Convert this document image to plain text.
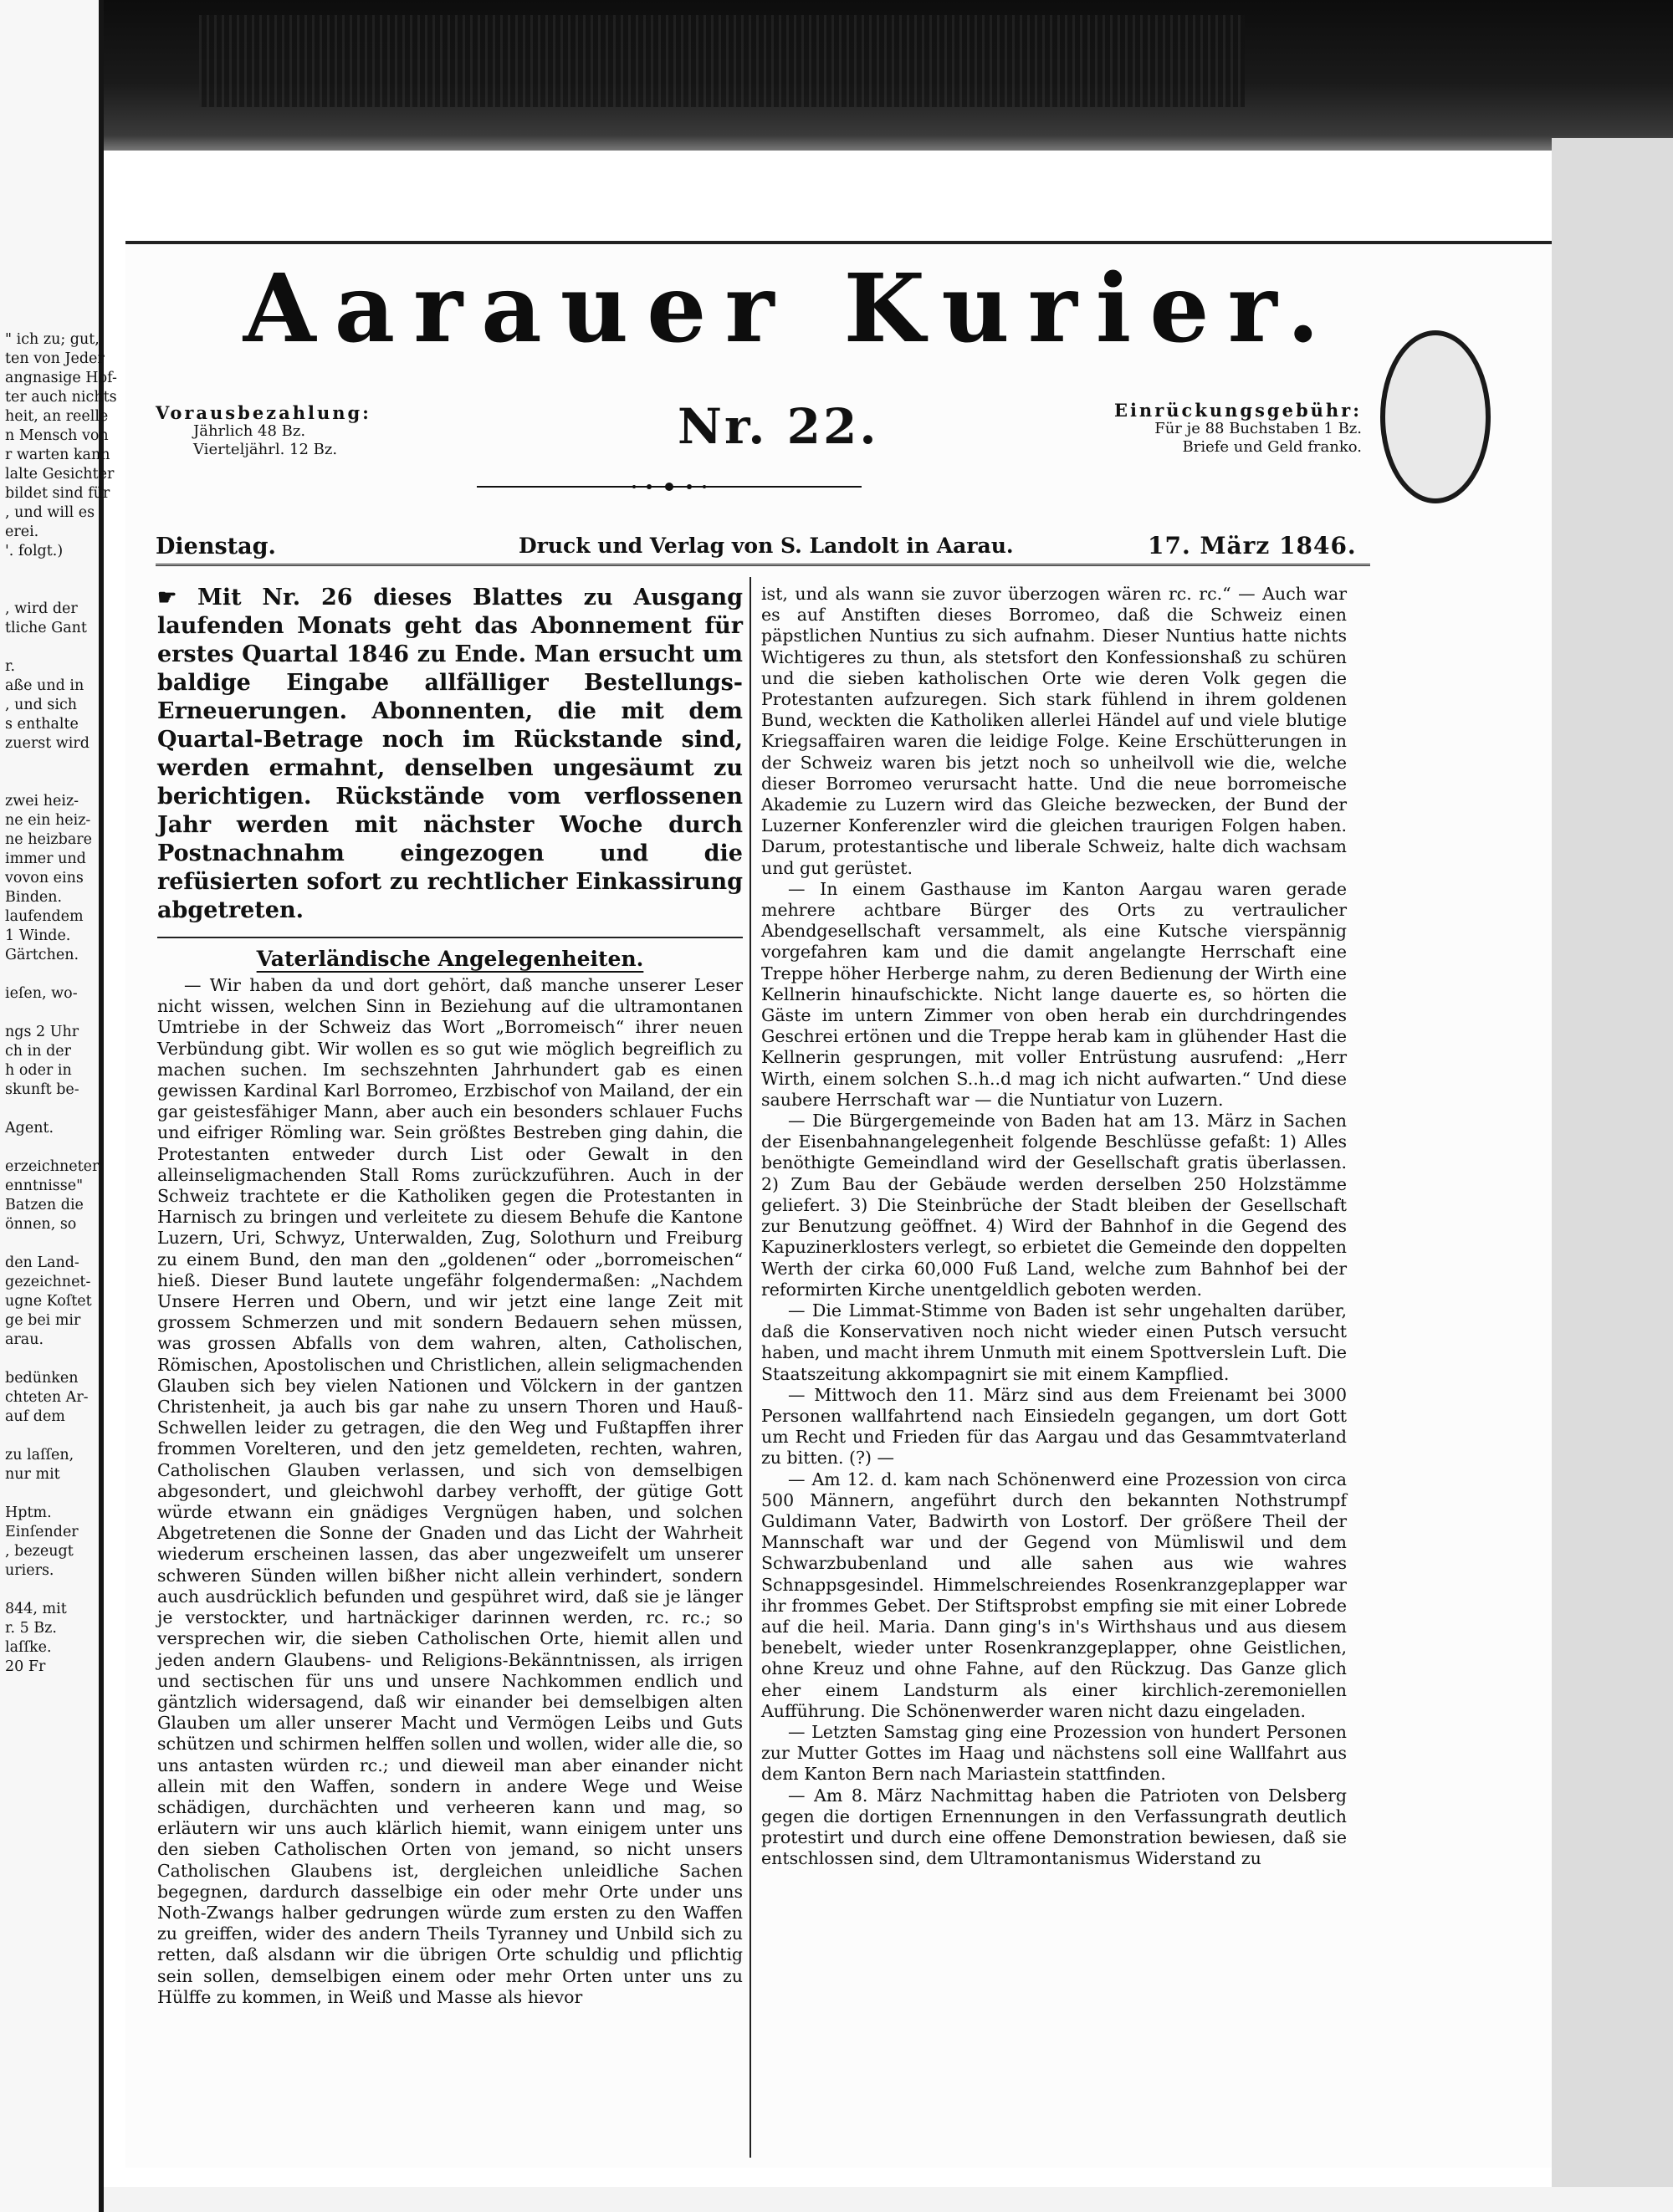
" ich zu; gut,
ten von Jeder
angnasige Hof-
ter auch nichts
heit, an reelle
n Mensch von
r warten kann
lalte Gesichter
bildet sind für
, und will es
erei.
'. folgt.)

, wird der
tliche Gant

r.
aße und in
, und sich
s enthalte
zuerst wird

zwei heiz-
ne ein heiz-
ne heizbare
immer und
vovon eins
Binden.
laufendem
1 Winde.
Gärtchen.

ieſen, wo-

ngs 2 Uhr
ch in der
h oder in
skunft be-

Agent.

erzeichneter
enntnisse"
Batzen die
önnen, so

den Land-
gezeichnet-
ugne Koſtet
ge bei mir
arau.

bedünken
chteten Ar-
auf dem

zu laſſen,
nur mit

Hptm.
Einſender
, bezeugt
uriers.

844, mit
r. 5 Bz.
laſſke.
20 Fr
Aarauer Kurier.
Vorausbezahlung:
Jährlich 48 Bz.
Vierteljährl. 12 Bz.	Nr. 22.	Einrückungsgebühr:
Für je 88 Buchstaben 1 Bz.
Briefe und Geld franko.
Dienstag.	Druck und Verlag von S. Landolt in Aarau.	17. März 1846.
☛ Mit Nr. 26 dieses Blattes zu Ausgang laufenden Monats geht das Abonnement für erstes Quartal 1846 zu Ende. Man ersucht um baldige Eingabe allfälliger Bestellungs-Erneuerungen. Abonnenten, die mit dem Quartal-Betrage noch im Rückstande sind, werden ermahnt, denselben ungesäumt zu berichtigen. Rückstände vom verflossenen Jahr werden mit nächster Woche durch Postnachnahm eingezogen und die refüsierten sofort zu rechtlicher Einkassirung abgetreten.
Vaterländische Angelegenheiten.

— Wir haben da und dort gehört, daß manche unserer Leser nicht wissen, welchen Sinn in Beziehung auf die ultramontanen Umtriebe in der Schweiz das Wort „Borromeisch“ ihrer neuen Verbündung gibt. Wir wollen es so gut wie möglich begreiflich zu machen suchen. Im sechszehnten Jahrhundert gab es einen gewissen Kardinal Karl Borromeo, Erzbischof von Mailand, der ein gar geistesfähiger Mann, aber auch ein besonders schlauer Fuchs und eifriger Römling war. Sein größtes Bestreben ging dahin, die Protestanten entweder durch List oder Gewalt in den alleinseligmachenden Stall Roms zurückzuführen. Auch in der Schweiz trachtete er die Katholiken gegen die Protestanten in Harnisch zu bringen und verleitete zu diesem Behufe die Kantone Luzern, Uri, Schwyz, Unterwalden, Zug, Solothurn und Freiburg zu einem Bund, den man den „goldenen“ oder „borromeischen“ hieß. Dieser Bund lautete ungefähr folgendermaßen: „Nachdem Unsere Herren und Obern, und wir jetzt eine lange Zeit mit grossem Schmerzen und mit sondern Bedauern sehen müssen, was grossen Abfalls von dem wahren, alten, Catholischen, Römischen, Apostolischen und Christlichen, allein seligmachenden Glauben sich bey vielen Nationen und Völckern in der gantzen Christenheit, ja auch bis gar nahe zu unsern Thoren und Hauß-Schwellen leider zu getragen, die den Weg und Fußtapffen ihrer frommen Vorelteren, und den jetz gemeldeten, rechten, wahren, Catholischen Glauben verlassen, und sich von demselbigen abgesondert, und gleichwohl darbey verhofft, der gütige Gott würde etwann ein gnädiges Vergnügen haben, und solchen Abgetretenen die Sonne der Gnaden und das Licht der Wahrheit wiederum erscheinen lassen, das aber ungezweifelt um unserer schweren Sünden willen bißher nicht allein verhindert, sondern auch ausdrücklich befunden und gespühret wird, daß sie je länger je verstockter, und hartnäckiger darinnen werden, rc. rc.; so versprechen wir, die sieben Catholischen Orte, hiemit allen und jeden andern Glaubens- und Religions-Bekänntnissen, als irrigen und sectischen für uns und unsere Nachkommen endlich und gäntzlich widersagend, daß wir einander bei demselbigen alten Glauben um aller unserer Macht und Vermögen Leibs und Guts schützen und schirmen helffen sollen und wollen, wider alle die, so uns antasten würden rc.; und dieweil man aber einander nicht allein mit den Waffen, sondern in andere Wege und Weise schädigen, durchächten und verheeren kann und mag, so erläutern wir uns auch klärlich hiemit, wann einigem unter uns den sieben Catholischen Orten von jemand, so nicht unsers Catholischen Glaubens ist, dergleichen unleidliche Sachen begegnen, dardurch dasselbige ein oder mehr Orte under uns Noth-Zwangs halber gedrungen würde zum ersten zu den Waffen zu greiffen, wider des andern Theils Tyranney und Unbild sich zu retten, daß alsdann wir die übrigen Orte schuldig und pflichtig sein sollen, demselbigen einem oder mehr Orten unter uns zu Hülffe zu kommen, in Weiß und Masse als hievor

ist, und als wann sie zuvor überzogen wären rc. rc.“ — Auch war es auf Anstiften dieses Borromeo, daß die Schweiz einen päpstlichen Nuntius zu sich aufnahm. Dieser Nuntius hatte nichts Wichtigeres zu thun, als stetsfort den Konfessionshaß zu schüren und die sieben katholischen Orte wie deren Volk gegen die Protestanten aufzuregen. Sich stark fühlend in ihrem goldenen Bund, weckten die Katholiken allerlei Händel auf und viele blutige Kriegsaffairen waren die leidige Folge. Keine Erschütterungen in der Schweiz waren bis jetzt noch so unheilvoll wie die, welche dieser Borromeo verursacht hatte. Und die neue borromeische Akademie zu Luzern wird das Gleiche bezwecken, der Bund der Luzerner Konferenzler wird die gleichen traurigen Folgen haben. Darum, protestantische und liberale Schweiz, halte dich wachsam und gut gerüstet.

— In einem Gasthause im Kanton Aargau waren gerade mehrere achtbare Bürger des Orts zu vertraulicher Abendgesellschaft versammelt, als eine Kutsche vierspännig vorgefahren kam und die damit angelangte Herrschaft eine Treppe höher Herberge nahm, zu deren Bedienung der Wirth eine Kellnerin hinaufschickte. Nicht lange dauerte es, so hörten die Gäste im untern Zimmer von oben herab ein durchdringendes Geschrei ertönen und die Treppe herab kam in glühender Hast die Kellnerin gesprungen, mit voller Entrüstung ausrufend: „Herr Wirth, einem solchen S..h..d mag ich nicht aufwarten.“ Und diese saubere Herrschaft war — die Nuntiatur von Luzern.

— Die Bürgergemeinde von Baden hat am 13. März in Sachen der Eisenbahnangelegenheit folgende Beschlüsse gefaßt: 1) Alles benöthigte Gemeindland wird der Gesellschaft gratis überlassen. 2) Zum Bau der Gebäude werden derselben 250 Holzstämme geliefert. 3) Die Steinbrüche der Stadt bleiben der Gesellschaft zur Benutzung geöffnet. 4) Wird der Bahnhof in die Gegend des Kapuzinerklosters verlegt, so erbietet die Gemeinde den doppelten Werth der cirka 60,000 Fuß Land, welche zum Bahnhof bei der reformirten Kirche unentgeldlich geboten werden.

— Die Limmat-Stimme von Baden ist sehr ungehalten darüber, daß die Konservativen noch nicht wieder einen Putsch versucht haben, und macht ihrem Unmuth mit einem Spottverslein Luft. Die Staatszeitung akkompagnirt sie mit einem Kampflied.

— Mittwoch den 11. März sind aus dem Freienamt bei 3000 Personen wallfahrtend nach Einsiedeln gegangen, um dort Gott um Recht und Frieden für das Aargau und das Gesammtvaterland zu bitten. (?) —

— Am 12. d. kam nach Schönenwerd eine Prozession von circa 500 Männern, angeführt durch den bekannten Nothstrumpf Guldimann Vater, Badwirth von Lostorf. Der größere Theil der Mannschaft war und der Gegend von Mümliswil und dem Schwarzbubenland und alle sahen aus wie wahres Schnappsgesindel. Himmelschreiendes Rosenkranzgeplapper war ihr frommes Gebet. Der Stiftsprobst empfing sie mit einer Lobrede auf die heil. Maria. Dann ging's in's Wirthshaus und aus diesem benebelt, wieder unter Rosenkranzgeplapper, ohne Geistlichen, ohne Kreuz und ohne Fahne, auf den Rückzug. Das Ganze glich eher einem Landsturm als einer kirchlich-zeremoniellen Aufführung. Die Schönenwerder waren nicht dazu eingeladen.

— Letzten Samstag ging eine Prozession von hundert Personen zur Mutter Gottes im Haag und nächstens soll eine Wallfahrt aus dem Kanton Bern nach Mariastein stattfinden.

— Am 8. März Nachmittag haben die Patrioten von Delsberg gegen die dortigen Ernennungen in den Verfassungrath deutlich protestirt und durch eine offene Demonstration bewiesen, daß sie entschlossen sind, dem Ultramontanismus Widerstand zu
